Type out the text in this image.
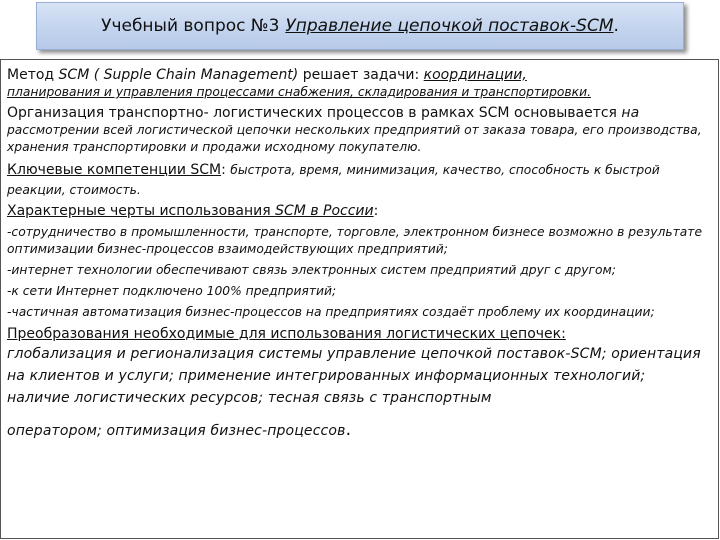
Учебный вопрос №3 Управление цепочкой поставок-SCM .

Метод SCM ( Supple Chain Management) решает задачи: координации,

планирования и управления процессами снабжения, складирования и транспортировки.

Организация транспортно- логистических процессов в рамках SCM основывается на

рассмотрении всей логистической цепочки нескольких предприятий от заказа товара, его производства, хранения транспортировки и продажи исходному покупателю.

Ключевые компетенции SCM: быстрота, время, минимизация, качество, способность к быстрой реакции, стоимость.

Характерные черты использования SCM в России:

-сотрудничество в промышленности, транспорте, торговле, электронном бизнесе возможно в результате оптимизации бизнес-процессов взаимодействующих предприятий;

-интернет технологии обеспечивают связь электронных систем предприятий друг с другом;

-к сети Интернет подключено 100% предприятий;

-частичная автоматизация бизнес-процессов на предприятиях создаёт проблему их координации;

Преобразования необходимые для использования логистических цепочек:

глобализация и регионализация системы управление цепочкой поставок-SCM; ориентация на клиентов и услуги; применение интегрированных информационных технологий; наличие логистических ресурсов; тесная связь с транспортным

оператором; оптимизация бизнес-процессов.
